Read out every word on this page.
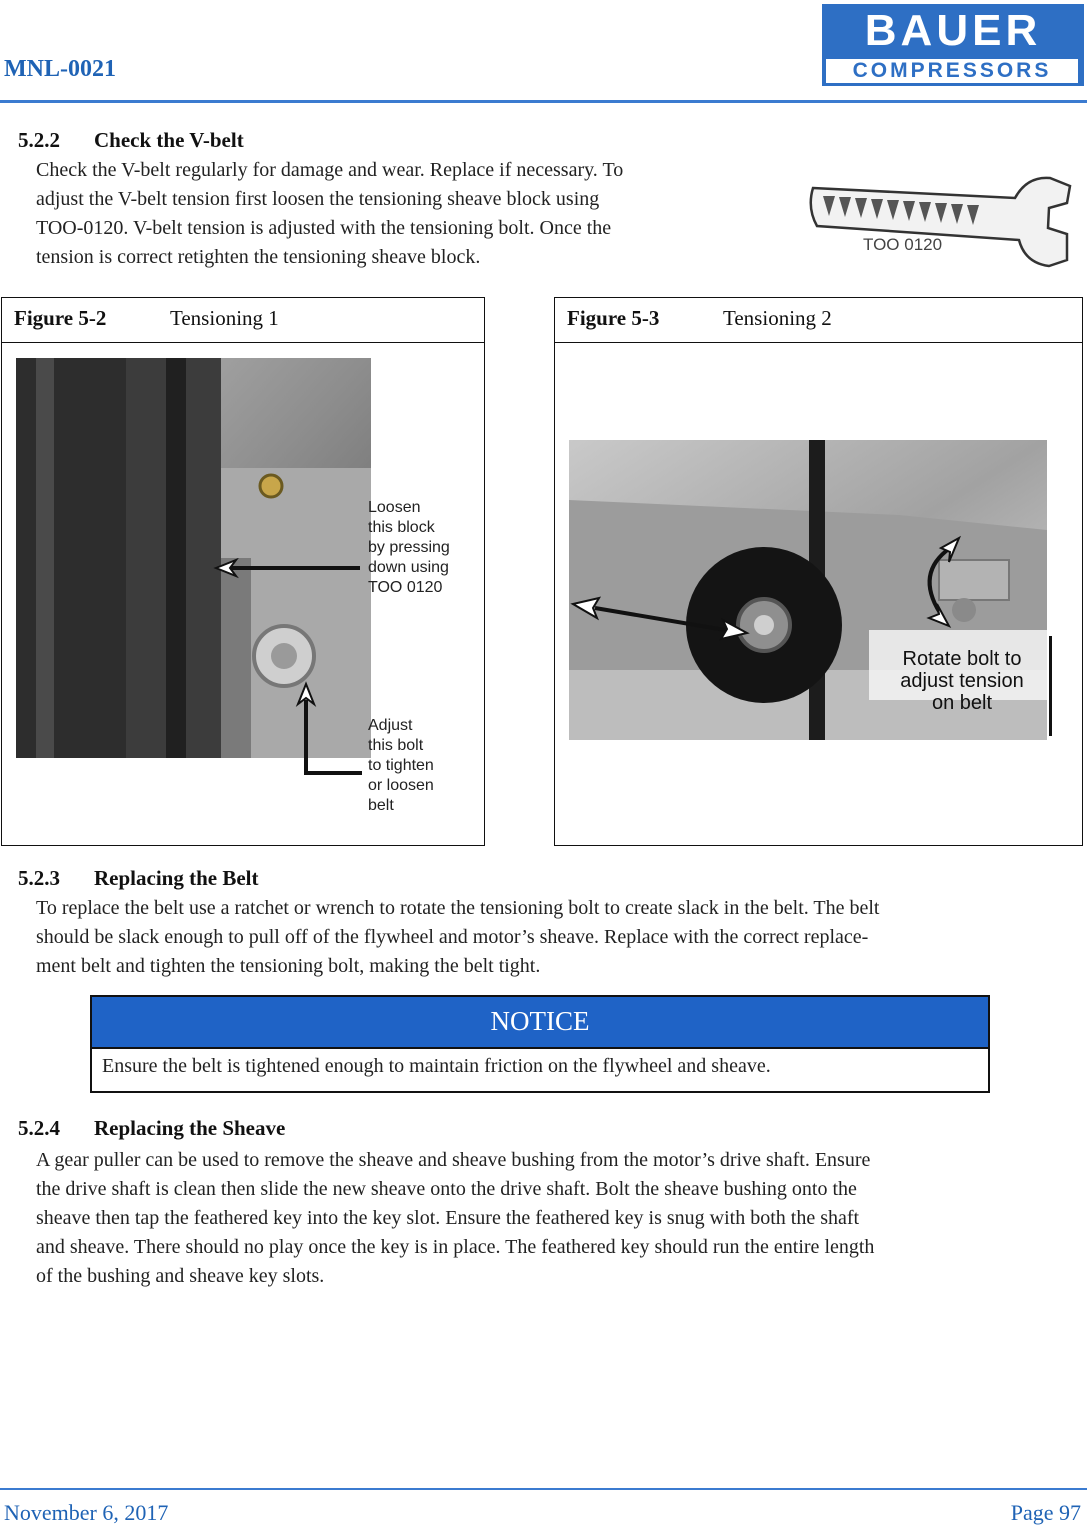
MNL-0021
BAUER
COMPRESSORS
5.2.2 Check the V-belt
Check the V-belt regularly for damage and wear. Replace if necessary. To
adjust the V-belt tension first loosen the tensioning sheave block using
TOO-0120. V-belt tension is adjusted with the tensioning bolt. Once the
tension is correct retighten the tensioning sheave block.
TOO 0120
Figure 5-2	Tensioning 1
Loosen
this block
by pressing
down using
TOO 0120
Adjust
this bolt
to tighten
or loosen
belt
Figure 5-3	Tensioning 2
Rotate bolt to
adjust tension
on belt
5.2.3 Replacing the Belt
To replace the belt use a ratchet or wrench to rotate the tensioning bolt to create slack in the belt. The belt
should be slack enough to pull off of the flywheel and motor’s sheave. Replace with the correct replace-
ment belt and tighten the tensioning bolt, making the belt tight.
NOTICE
Ensure the belt is tightened enough to maintain friction on the flywheel and sheave.
5.2.4 Replacing the Sheave
A gear puller can be used to remove the sheave and sheave bushing from the motor’s drive shaft. Ensure
the drive shaft is clean then slide the new sheave onto the drive shaft. Bolt the sheave bushing onto the
sheave then tap the feathered key into the key slot. Ensure the feathered key is snug with both the shaft
and sheave. There should no play once the key is in place. The feathered key should run the entire length
of the bushing and sheave key slots.
November 6, 2017	Page 97
